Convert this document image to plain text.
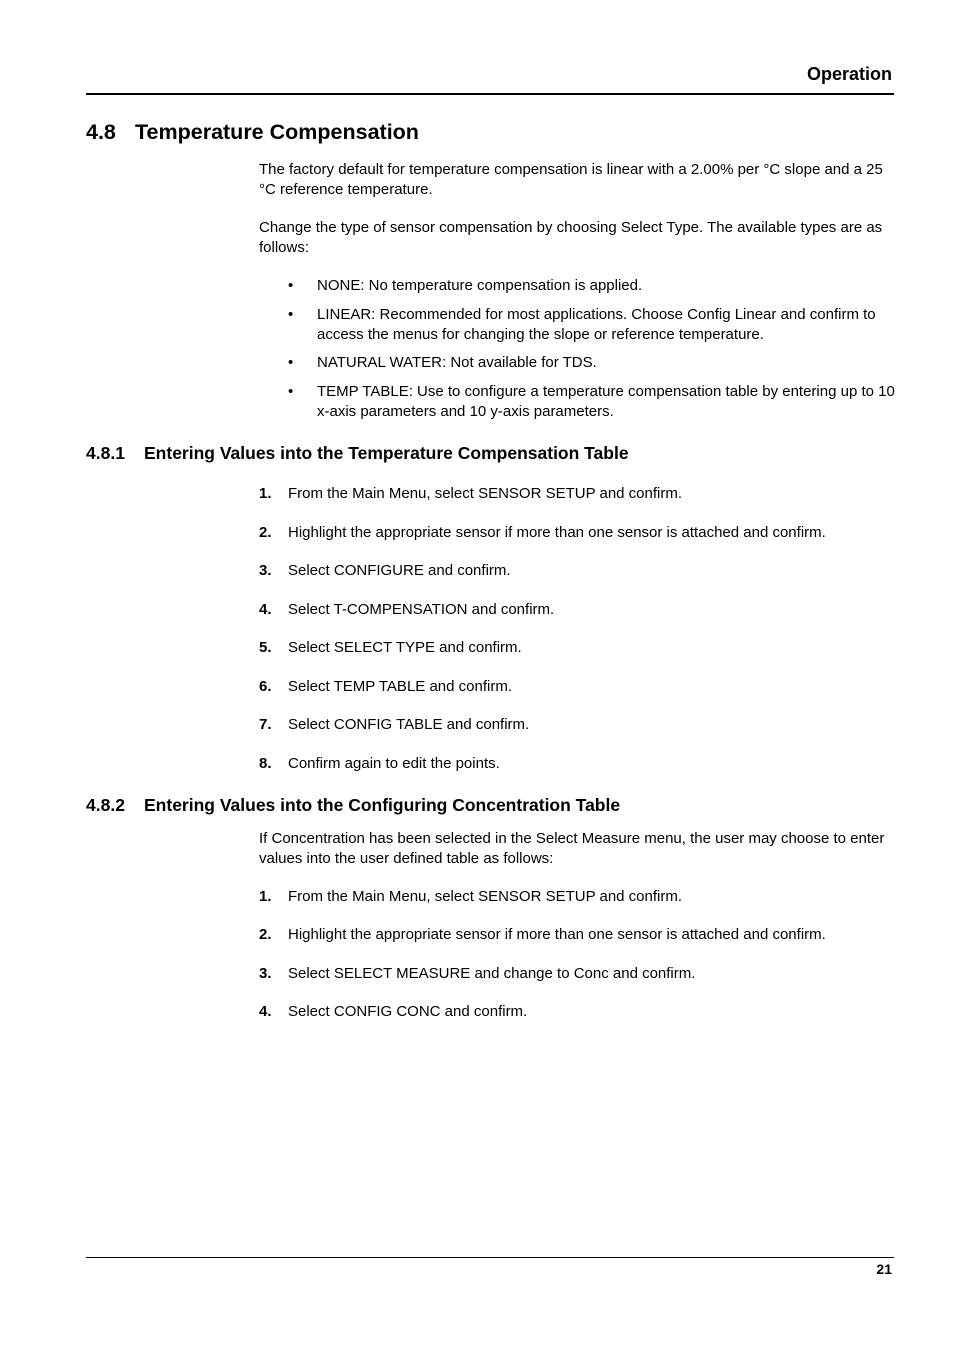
Operation
4.8 Temperature Compensation
The factory default for temperature compensation is linear with a 2.00% per °C slope and a 25 °C reference temperature.
Change the type of sensor compensation by choosing Select Type. The available types are as follows:
• NONE: No temperature compensation is applied.
• LINEAR: Recommended for most applications. Choose Config Linear and confirm to access the menus for changing the slope or reference temperature.
• NATURAL WATER: Not available for TDS.
• TEMP TABLE: Use to configure a temperature compensation table by entering up to 10 x-axis parameters and 10 y-axis parameters.
4.8.1 Entering Values into the Temperature Compensation Table
1. From the Main Menu, select SENSOR SETUP and confirm.
2. Highlight the appropriate sensor if more than one sensor is attached and confirm.
3. Select CONFIGURE and confirm.
4. Select T-COMPENSATION and confirm.
5. Select SELECT TYPE and confirm.
6. Select TEMP TABLE and confirm.
7. Select CONFIG TABLE and confirm.
8. Confirm again to edit the points.
4.8.2 Entering Values into the Configuring Concentration Table
If Concentration has been selected in the Select Measure menu, the user may choose to enter values into the user defined table as follows:
1. From the Main Menu, select SENSOR SETUP and confirm.
2. Highlight the appropriate sensor if more than one sensor is attached and confirm.
3. Select SELECT MEASURE and change to Conc and confirm.
4. Select CONFIG CONC and confirm.
21
